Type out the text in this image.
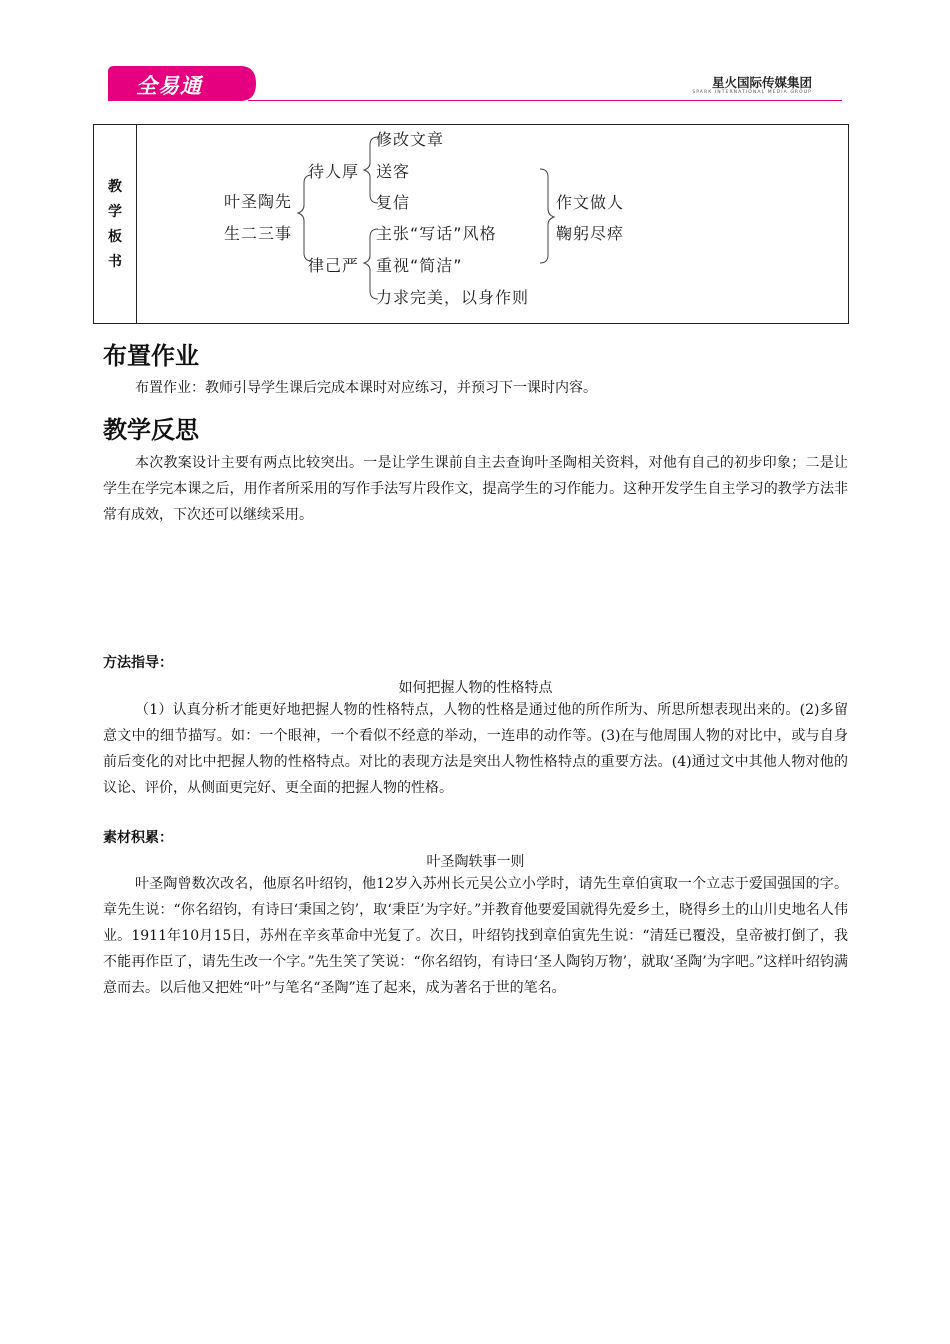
全易通	星火国际传媒集团
SPARK INTERNATIONAL MEDIA GROUP
教学板书
叶圣陶先
生二三事
待人厚
律己严
修改文章
送客
复信
主张“写话”风格
重视“简洁”
力求完美，以身作则
作文做人
鞠躬尽瘁
布置作业

布置作业：教师引导学生课后完成本课时对应练习，并预习下一课时内容。

教学反思

本次教案设计主要有两点比较突出。一是让学生课前自主去查询叶圣陶相关资料，对他有自己的初步印象；二是让学生在学完本课之后，用作者所采用的写作手法写片段作文，提高学生的习作能力。这种开发学生自主学习的教学方法非常有成效，下次还可以继续采用。

方法指导：
如何把握人物的性格特点

（1）认真分析才能更好地把握人物的性格特点，人物的性格是通过他的所作所为、所思所想表现出来的。(2)多留意文中的细节描写。如：一个眼神，一个看似不经意的举动，一连串的动作等。(3)在与他周围人物的对比中，或与自身前后变化的对比中把握人物的性格特点。对比的表现方法是突出人物性格特点的重要方法。(4)通过文中其他人物对他的议论、评价，从侧面更完好、更全面的把握人物的性格。

素材积累：
叶圣陶轶事一则

叶圣陶曾数次改名，他原名叶绍钧，他12岁入苏州长元吴公立小学时，请先生章伯寅取一个立志于爱国强国的字。章先生说：“你名绍钧，有诗曰‘秉国之钧’，取‘秉臣’为字好。”并教育他要爱国就得先爱乡土，晓得乡土的山川史地名人伟业。1911年10月15日，苏州在辛亥革命中光复了。次日，叶绍钧找到章伯寅先生说：“清廷已覆没，皇帝被打倒了，我不能再作臣了，请先生改一个字。”先生笑了笑说：“你名绍钧，有诗曰‘圣人陶钧万物’，就取‘圣陶’为字吧。”这样叶绍钧满意而去。以后他又把姓“叶”与笔名“圣陶”连了起来，成为著名于世的笔名。
